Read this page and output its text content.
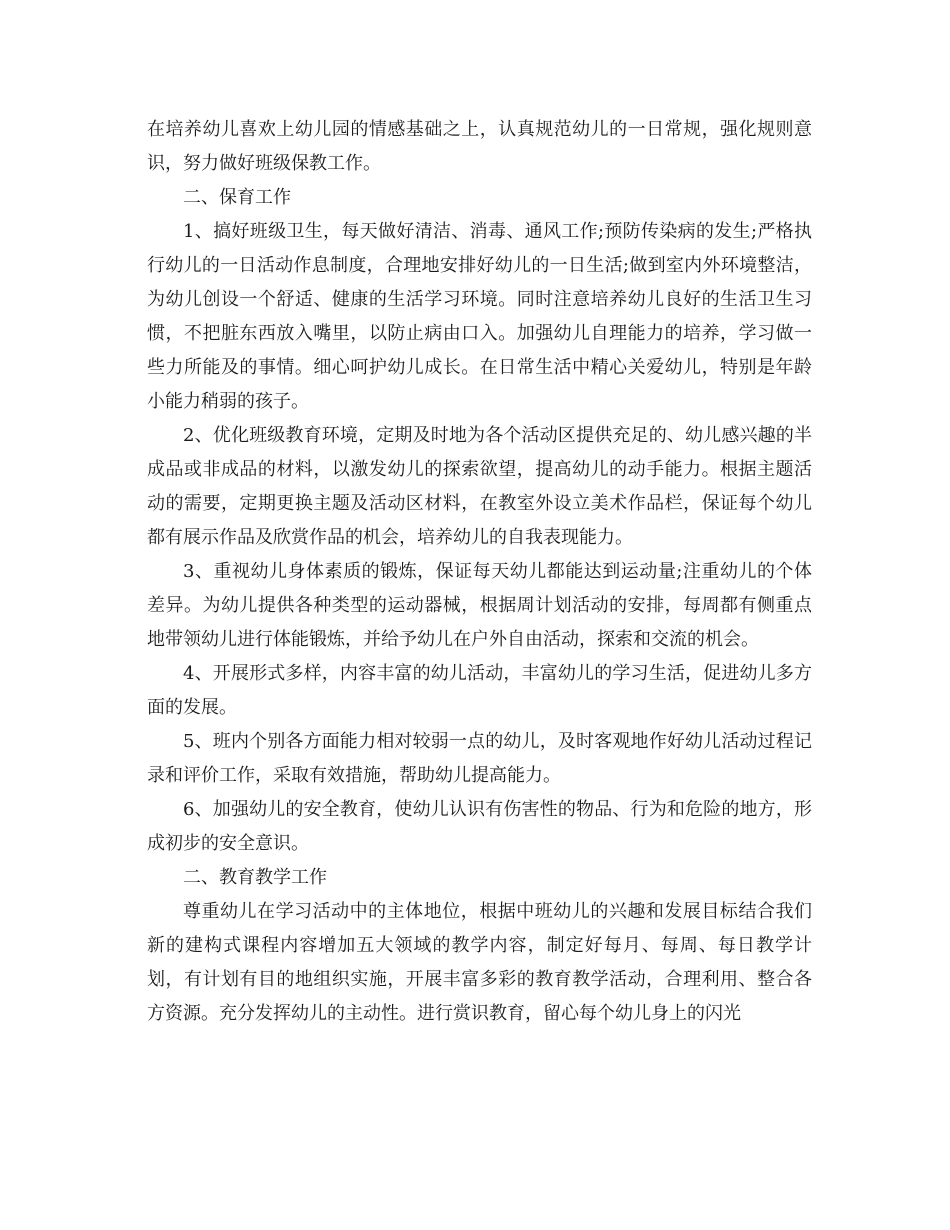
在培养幼儿喜欢上幼儿园的情感基础之上，认真规范幼儿的一日常规，强化规则意识，努力做好班级保教工作。

二、保育工作

1、搞好班级卫生，每天做好清洁、消毒、通风工作;预防传染病的发生;严格执行幼儿的一日活动作息制度，合理地安排好幼儿的一日生活;做到室内外环境整洁，为幼儿创设一个舒适、健康的生活学习环境。同时注意培养幼儿良好的生活卫生习惯，不把脏东西放入嘴里，以防止病由口入。加强幼儿自理能力的培养，学习做一些力所能及的事情。细心呵护幼儿成长。在日常生活中精心关爱幼儿，特别是年龄小能力稍弱的孩子。

2、优化班级教育环境，定期及时地为各个活动区提供充足的、幼儿感兴趣的半成品或非成品的材料，以激发幼儿的探索欲望，提高幼儿的动手能力。根据主题活动的需要，定期更换主题及活动区材料，在教室外设立美术作品栏，保证每个幼儿都有展示作品及欣赏作品的机会，培养幼儿的自我表现能力。

3、重视幼儿身体素质的锻炼，保证每天幼儿都能达到运动量;注重幼儿的个体差异。为幼儿提供各种类型的运动器械，根据周计划活动的安排，每周都有侧重点地带领幼儿进行体能锻炼，并给予幼儿在户外自由活动，探索和交流的机会。

4、开展形式多样，内容丰富的幼儿活动，丰富幼儿的学习生活，促进幼儿多方面的发展。

5、班内个别各方面能力相对较弱一点的幼儿，及时客观地作好幼儿活动过程记录和评价工作，采取有效措施，帮助幼儿提高能力。

6、加强幼儿的安全教育，使幼儿认识有伤害性的物品、行为和危险的地方，形成初步的安全意识。

二、教育教学工作

尊重幼儿在学习活动中的主体地位，根据中班幼儿的兴趣和发展目标结合我们新的建构式课程内容增加五大领域的教学内容，制定好每月、每周、每日教学计划，有计划有目的地组织实施，开展丰富多彩的教育教学活动，合理利用、整合各方资源。充分发挥幼儿的主动性。进行赏识教育，留心每个幼儿身上的闪光
